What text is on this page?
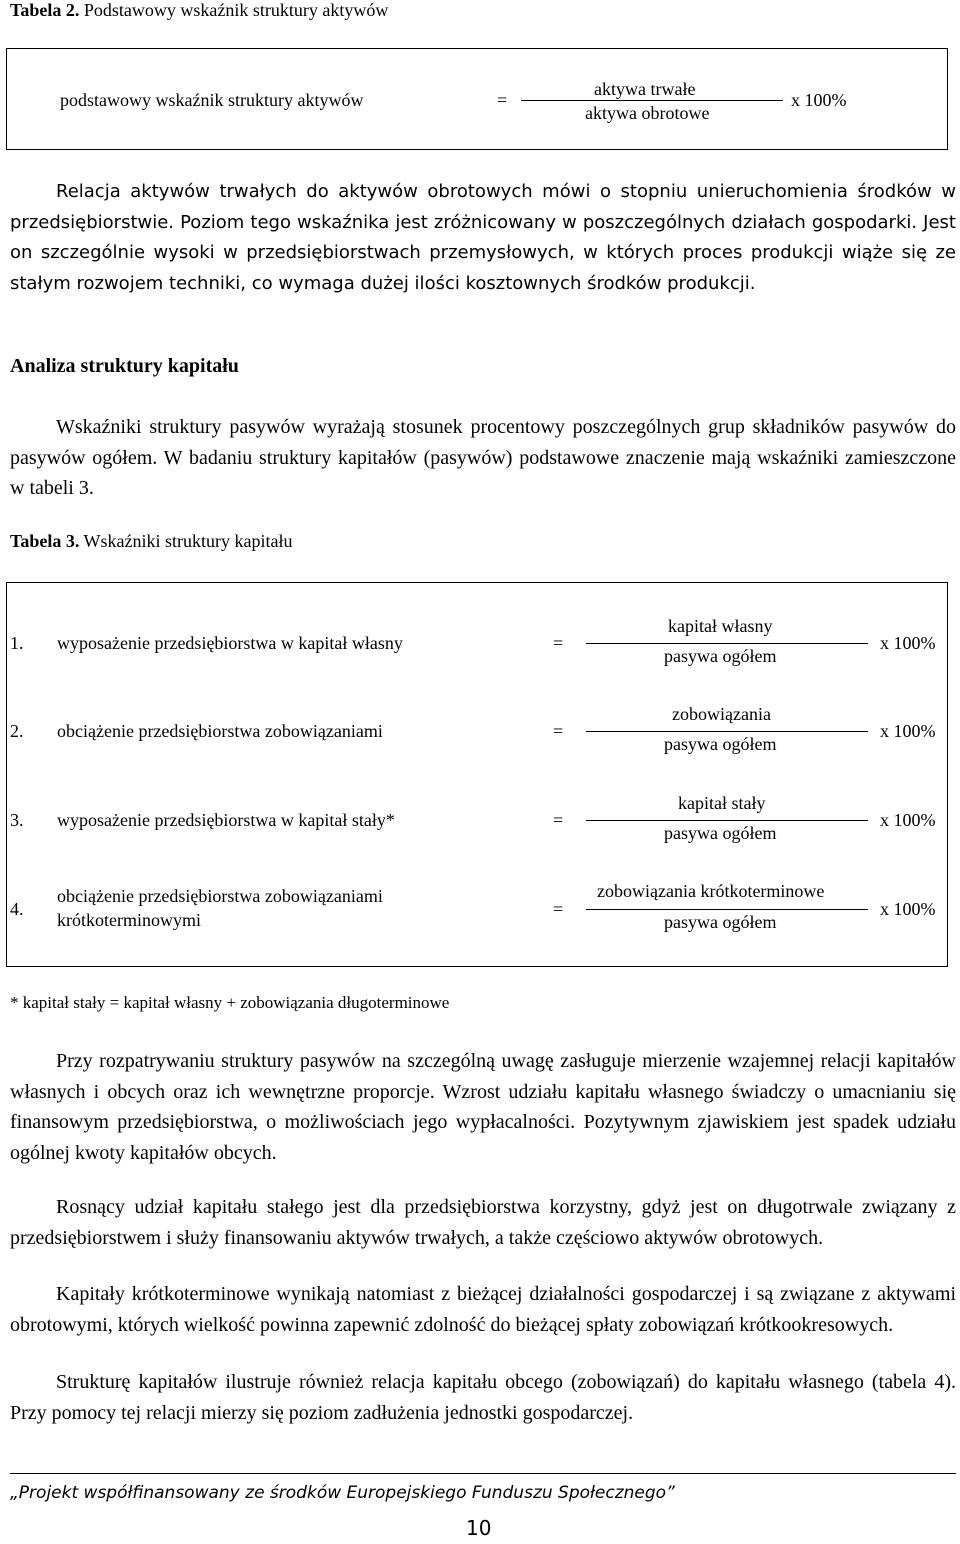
Tabela 2. Podstawowy wskaźnik struktury aktywów
podstawowy wskaźnik struktury aktywów	=
aktywa trwałe
aktywa obrotowe
x 100%
Relacja aktywów trwałych do aktywów obrotowych mówi o stopniu unieruchomienia środków w przedsiębiorstwie. Poziom tego wskaźnika jest zróżnicowany w poszczególnych działach gospodarki. Jest on szczególnie wysoki w przedsiębiorstwach przemysłowych, w których proces produkcji wiąże się ze stałym rozwojem techniki, co wymaga dużej ilości kosztownych środków produkcji.
Analiza struktury kapitału
Wskaźniki struktury pasywów wyrażają stosunek procentowy poszczególnych grup składników pasywów do pasywów ogółem. W badaniu struktury kapitałów (pasywów) podstawowe znaczenie mają wskaźniki zamieszczone w tabeli 3.
Tabela 3. Wskaźniki struktury kapitału
1. wyposażenie przedsiębiorstwa w kapitał własny	=
kapitał własny
pasywa ogółem
x 100%
2. obciążenie przedsiębiorstwa zobowiązaniami	=
zobowiązania
pasywa ogółem
x 100%
3. wyposażenie przedsiębiorstwa w kapitał stały*	=
kapitał stały
pasywa ogółem
x 100%
4.
obciążenie przedsiębiorstwa zobowiązaniami
krótkoterminowymi
=
zobowiązania krótkoterminowe
pasywa ogółem
x 100%
* kapitał stały = kapitał własny + zobowiązania długoterminowe
Przy rozpatrywaniu struktury pasywów na szczególną uwagę zasługuje mierzenie wzajemnej relacji kapitałów własnych i obcych oraz ich wewnętrzne proporcje. Wzrost udziału kapitału własnego świadczy o umacnianiu się finansowym przedsiębiorstwa, o możliwościach jego wypłacalności. Pozytywnym zjawiskiem jest spadek udziału ogólnej kwoty kapitałów obcych.
Rosnący udział kapitału stałego jest dla przedsiębiorstwa korzystny, gdyż jest on długotrwale związany z przedsiębiorstwem i służy finansowaniu aktywów trwałych, a także częściowo aktywów obrotowych.
Kapitały krótkoterminowe wynikają natomiast z bieżącej działalności gospodarczej i są związane z aktywami obrotowymi, których wielkość powinna zapewnić zdolność do bieżącej spłaty zobowiązań krótkookresowych.
Strukturę kapitałów ilustruje również relacja kapitału obcego (zobowiązań) do kapitału własnego (tabela 4). Przy pomocy tej relacji mierzy się poziom zadłużenia jednostki gospodarczej.
„Projekt współfinansowany ze środków Europejskiego Funduszu Społecznego”
10
